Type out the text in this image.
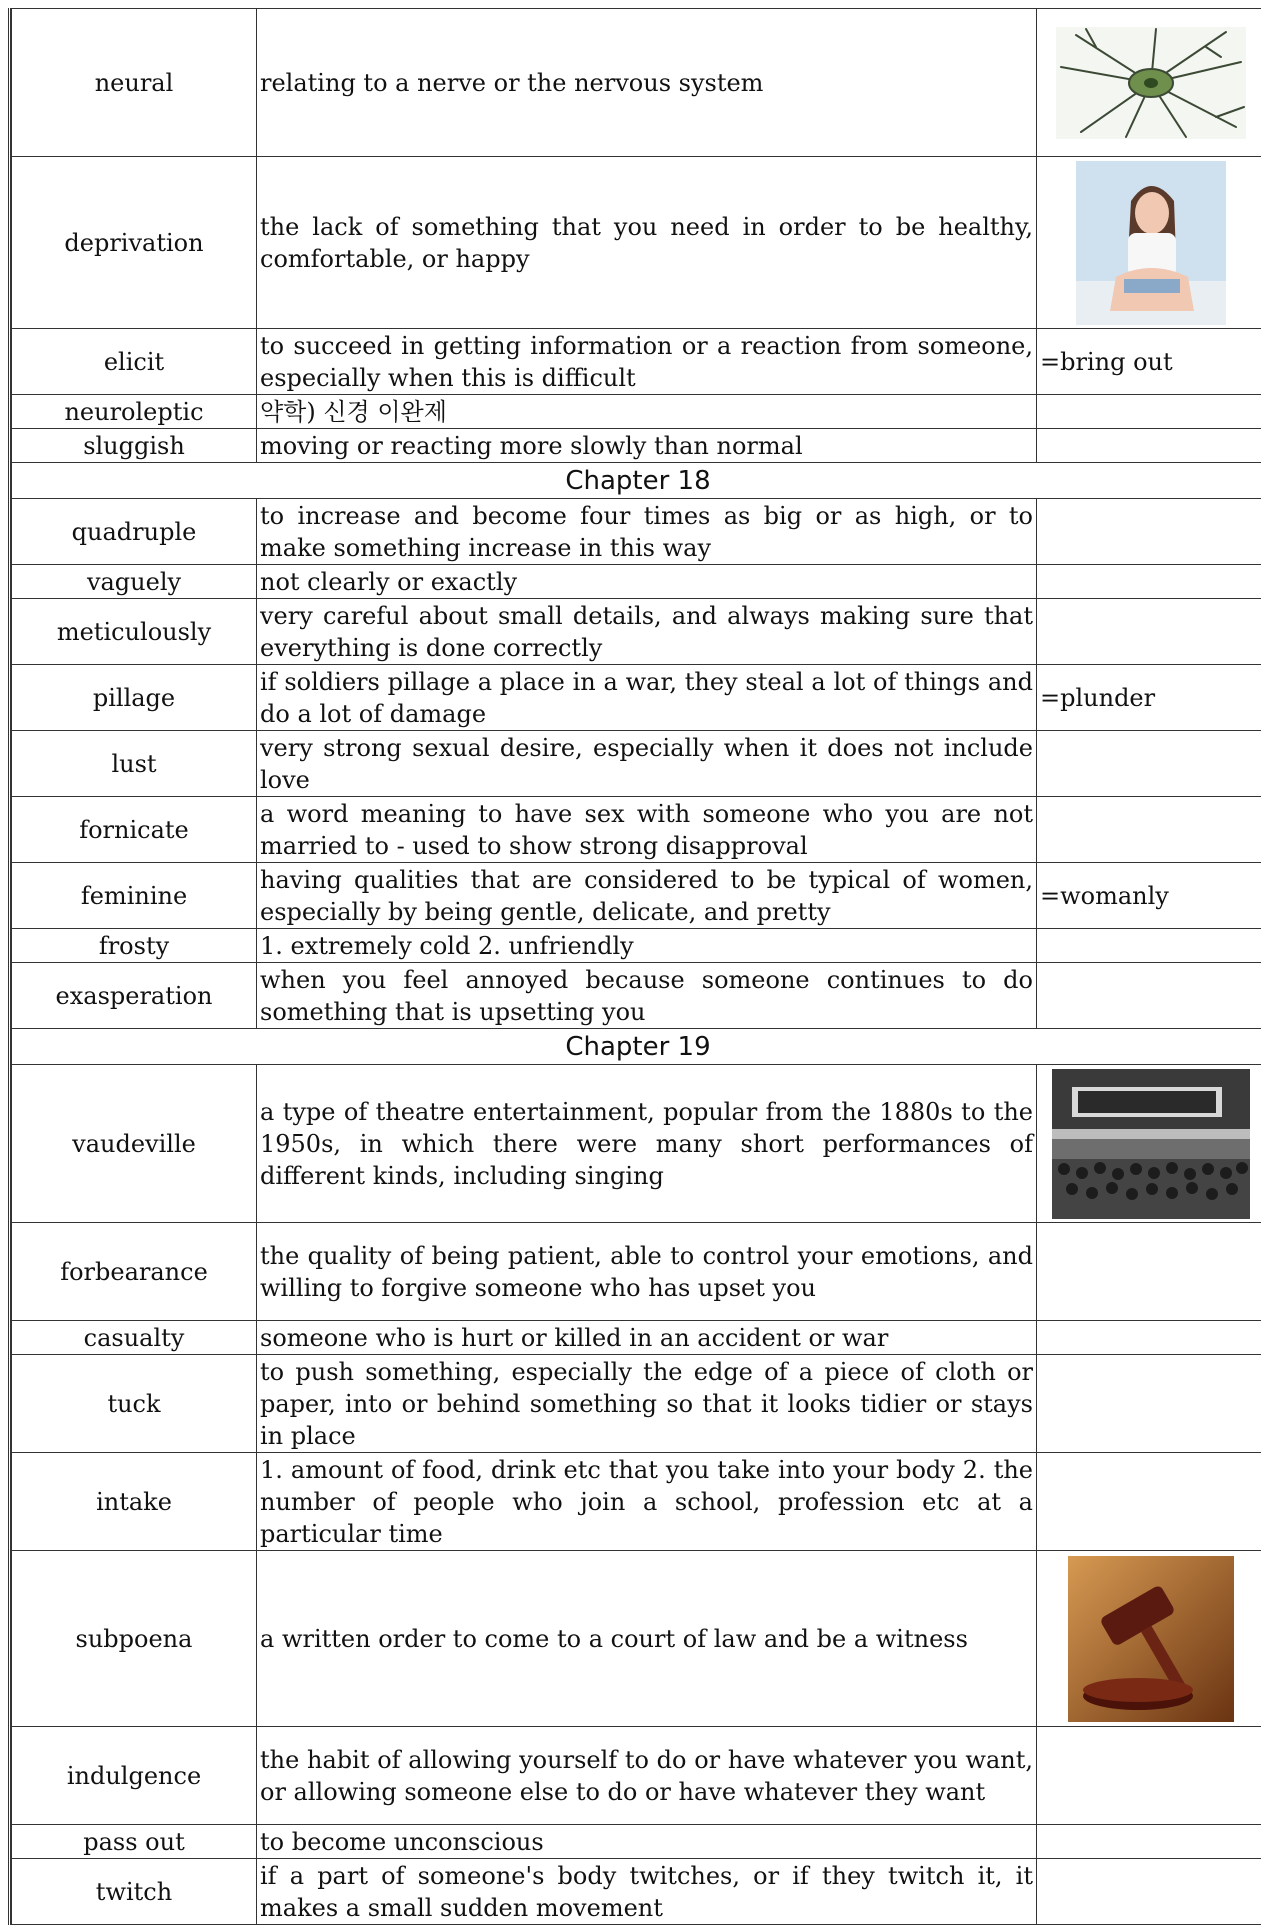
neural	relating to a nerve or the nervous system	

deprivation	the lack of something that you need in order to be healthy, comfortable, or happy	

elicit	to succeed in getting information or a reaction from someone, especially when this is difficult	=bring out
neuroleptic	약학) 신경 이완제	
sluggish	moving or reacting more slowly than normal	
Chapter 18		
quadruple	to increase and become four times as big or as high, or to make something increase in this way	
vaguely	not clearly or exactly	
meticulously	very careful about small details, and always making sure that everything is done correctly	
pillage	if soldiers pillage a place in a war, they steal a lot of things and do a lot of damage	=plunder
lust	very strong sexual desire, especially when it does not include love	
fornicate	a word meaning to have sex with someone who you are not married to - used to show strong disapproval	
feminine	having qualities that are considered to be typical of women, especially by being gentle, delicate, and pretty	=womanly
frosty	1. extremely cold 2. unfriendly	
exasperation	when you feel annoyed because someone continues to do something that is upsetting you	
Chapter 19		
vaudeville	a type of theatre entertainment, popular from the 1880s to the 1950s, in which there were many short performances of different kinds, including singing	

forbearance	the quality of being patient, able to control your emotions, and willing to forgive someone who has upset you	
casualty	someone who is hurt or killed in an accident or war	
tuck	to push something, especially the edge of a piece of cloth or paper, into or behind something so that it looks tidier or stays in place	
intake	1. amount of food, drink etc that you take into your body 2. the number of people who join a school, profession etc at a particular time	
subpoena	a written order to come to a court of law and be a witness	

indulgence	the habit of allowing yourself to do or have whatever you want, or allowing someone else to do or have whatever they want	
pass out	to become unconscious	
twitch	if a part of someone's body twitches, or if they twitch it, it makes a small sudden movement	
